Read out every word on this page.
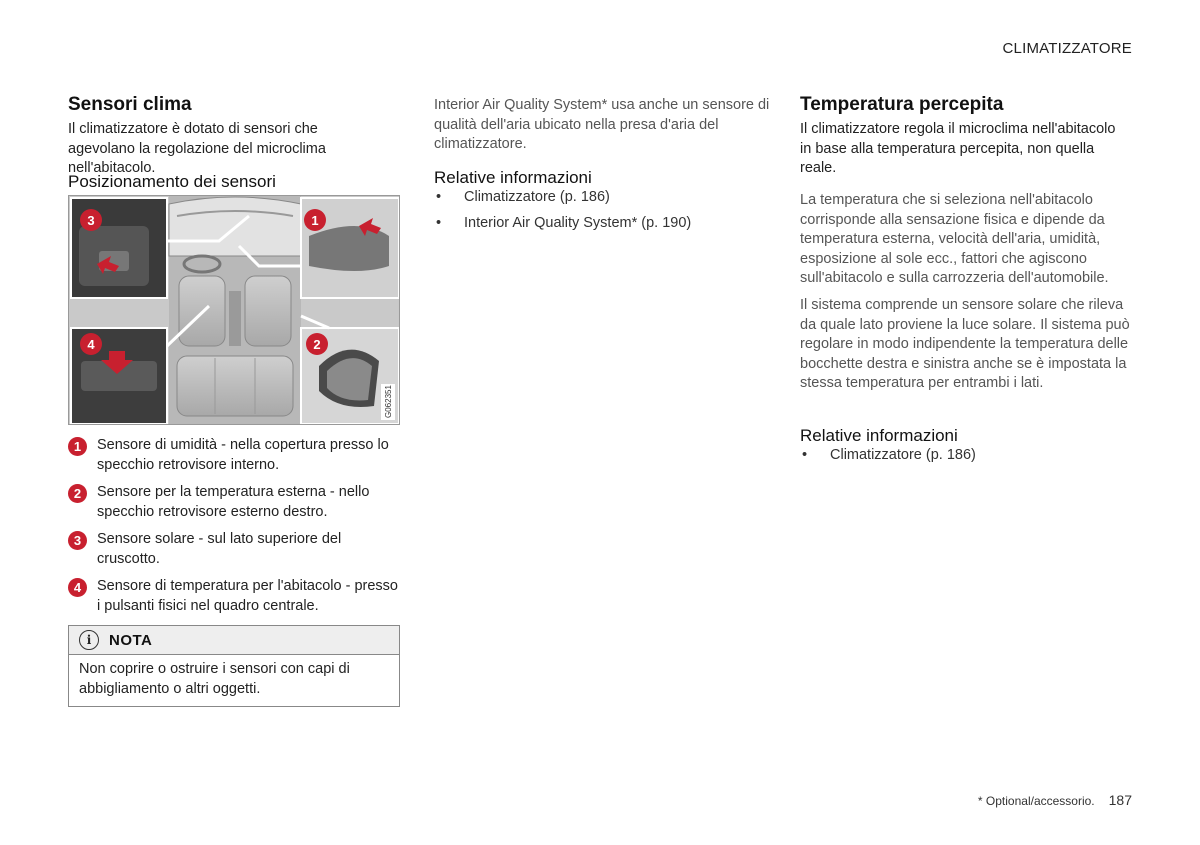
CLIMATIZZATORE
Sensori clima

Il climatizzatore è dotato di sensori che agevolano la regolazione del microclima nell'abitacolo.

Posizionamento dei sensori
3	1
4	2
G062351
1	Sensore di umidità - nella copertura presso lo specchio retrovisore interno.
2	Sensore per la temperatura esterna - nello specchio retrovisore esterno destro.
3	Sensore solare - sul lato superiore del cruscotto.
4	Sensore di temperatura per l'abitacolo - presso i pulsanti fisici nel quadro centrale.
i	NOTA
Non coprire o ostruire i sensori con capi di abbigliamento o altri oggetti.

Interior Air Quality System* usa anche un sensore di qualità dell'aria ubicato nella presa d'aria del climatizzatore.

Relative informazioni
•	Climatizzatore (p. 186)
•	Interior Air Quality System* (p. 190)
Temperatura percepita

Il climatizzatore regola il microclima nell'abitacolo in base alla temperatura percepita, non quella reale.

La temperatura che si seleziona nell'abitacolo corrisponde alla sensazione fisica e dipende da temperatura esterna, velocità dell'aria, umidità, esposizione al sole ecc., fattori che agiscono sull'abitacolo e sulla carrozzeria dell'automobile.

Il sistema comprende un sensore solare che rileva da quale lato proviene la luce solare. Il sistema può regolare in modo indipendente la temperatura delle bocchette destra e sinistra anche se è impostata la stessa temperatura per entrambi i lati.

Relative informazioni
•	Climatizzatore (p. 186)
* Optional/accessorio. 187
